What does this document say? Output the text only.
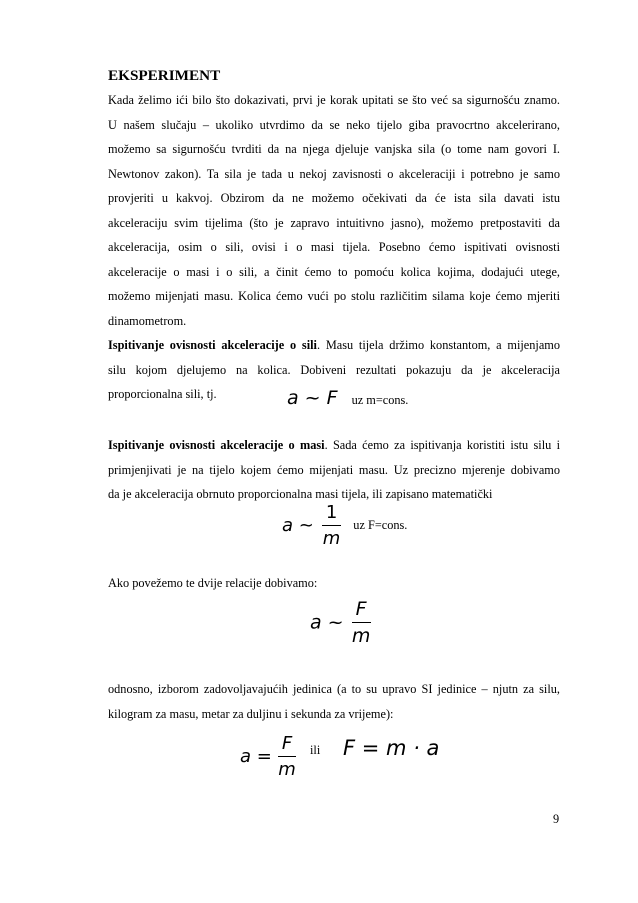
EKSPERIMENT
Kada želimo ići bilo što dokazivati, prvi je korak upitati se što već sa sigurnošću znamo.
U našem slučaju – ukoliko utvrdimo da se neko tijelo giba pravocrtno akcelerirano,
možemo sa sigurnošću tvrditi da na njega djeluje vanjska sila (o tome nam govori I.
Newtonov zakon). Ta sila je tada u nekoj zavisnosti o akceleraciji i potrebno je samo
provjeriti u kakvoj. Obzirom da ne možemo očekivati da će ista sila davati istu
akceleraciju svim tijelima (što je zapravo intuitivno jasno), možemo pretpostaviti da
akceleracija, osim o sili, ovisi i o masi tijela. Posebno ćemo ispitivati ovisnosti
akceleracije o masi i o sili, a činit ćemo to pomoću kolica kojima, dodajući utege,
možemo mijenjati masu. Kolica ćemo vući po stolu različitim silama koje ćemo mjeriti
dinamometrom.
Ispitivanje ovisnosti akceleracije o sili. Masu tijela držimo konstantom, a mijenjamo
silu kojom djelujemo na kolica. Dobiveni rezultati pokazuju da je akceleracija
proporcionalna sili, tj.	a ~ F uz m=cons.
Ispitivanje ovisnosti akceleracije o masi. Sada ćemo za ispitivanja koristiti istu silu i
primjenjivati je na tijelo kojem ćemo mijenjati masu. Uz precizno mjerenje dobivamo
da je akceleracija obrnuto proporcionalna masi tijela, ili zapisano matematički
a ~ $\frac{1}{m}$ uz F=cons.
Ako povežemo te dvije relacije dobivamo:
a ~ $\frac{F}{m}$
odnosno, izborom zadovoljavajućih jedinica (a to su upravo SI jedinice – njutn za silu,
kilogram za masu, metar za duljinu i sekunda za vrijeme):
$a = \frac{F}{m}$ ili F = m · a
9
